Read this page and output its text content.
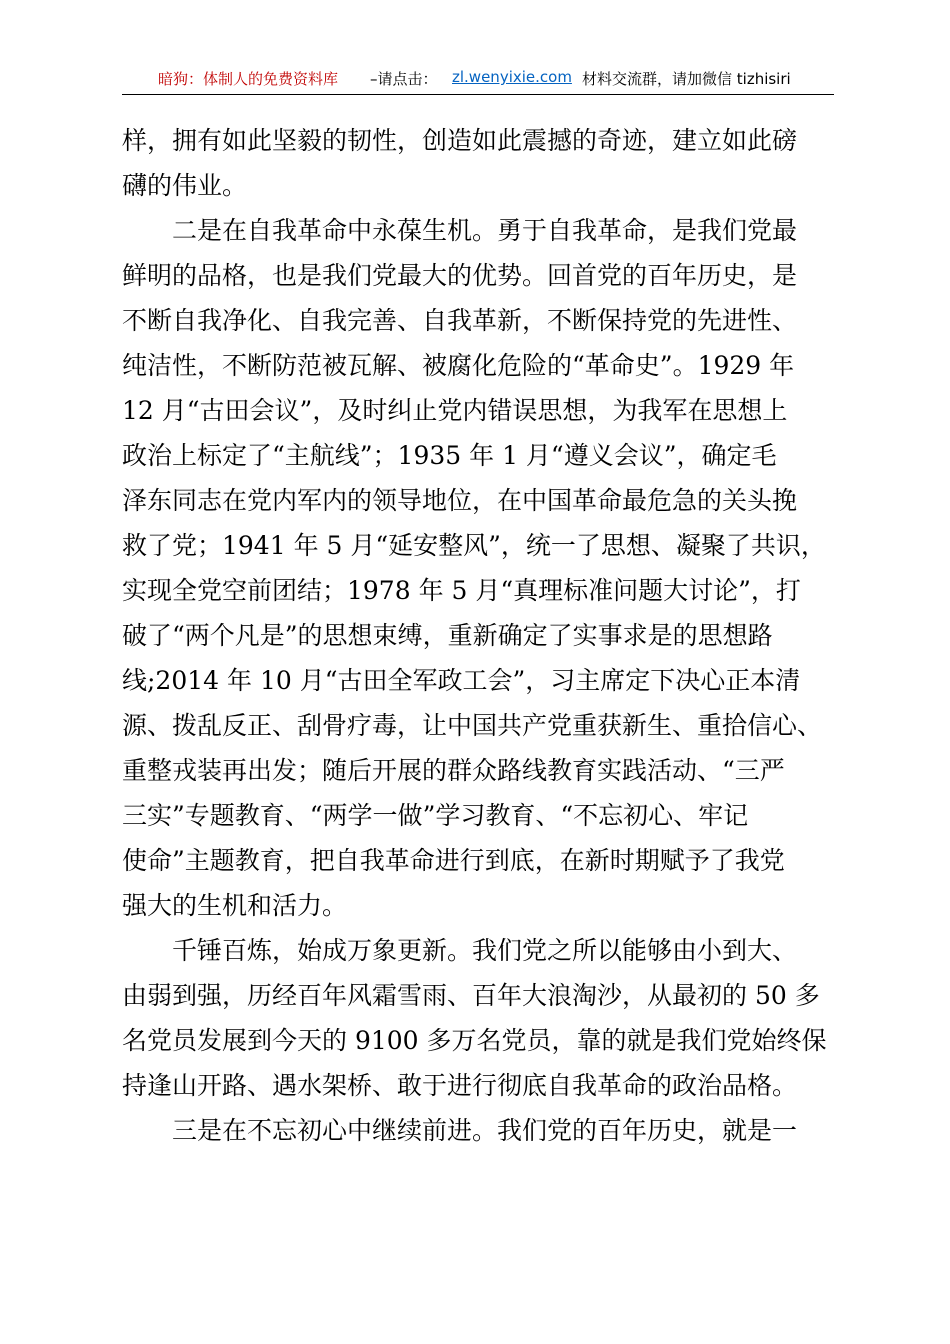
暗狗：体制人的免费资料库 –请点击： zl.wenyixie.com 材料交流群，请加微信 tizhisiri
样，拥有如此坚毅的韧性，创造如此震撼的奇迹，建立如此磅
礴的伟业。
二是在自我革命中永葆生机。勇于自我革命，是我们党最
鲜明的品格，也是我们党最大的优势。回首党的百年历史，是
不断自我净化、自我完善、自我革新，不断保持党的先进性、
纯洁性，不断防范被瓦解、被腐化危险的“革命史”。1929 年
12 月“古田会议”，及时纠止党内错误思想，为我军在思想上
政治上标定了“主航线”；1935 年 1 月“遵义会议”，确定毛
泽东同志在党内军内的领导地位，在中国革命最危急的关头挽
救了党；1941 年 5 月“延安整风”，统一了思想、凝聚了共识，
实现全党空前团结；1978 年 5 月“真理标准问题大讨论”，打
破了“两个凡是”的思想束缚，重新确定了实事求是的思想路
线;2014 年 10 月“古田全军政工会”，习主席定下决心正本清
源、拨乱反正、刮骨疗毒，让中国共产党重获新生、重拾信心、
重整戎装再出发；随后开展的群众路线教育实践活动、“三严
三实”专题教育、“两学一做”学习教育、“不忘初心、牢记
使命”主题教育，把自我革命进行到底，在新时期赋予了我党
强大的生机和活力。
千锤百炼，始成万象更新。我们党之所以能够由小到大、
由弱到强，历经百年风霜雪雨、百年大浪淘沙，从最初的 50 多
名党员发展到今天的 9100 多万名党员，靠的就是我们党始终保
持逢山开路、遇水架桥、敢于进行彻底自我革命的政治品格。
三是在不忘初心中继续前进。我们党的百年历史，就是一
